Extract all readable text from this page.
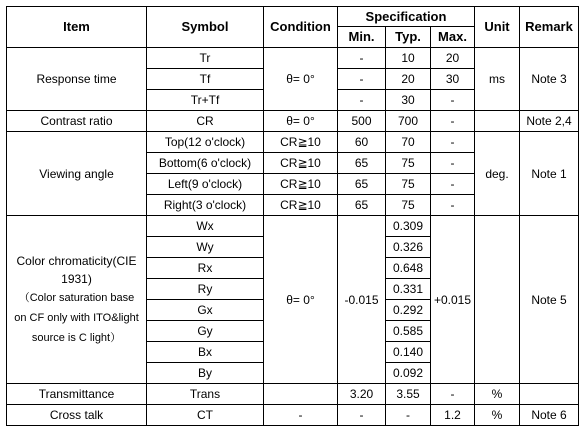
Item	Symbol	Condition	Specification			Unit	Remark
			Min.	Typ.	Max.		
Response time	Tr	θ= 0°	-	10	20	ms	Note 3
	Tf		-	20	30		
	Tr+Tf		-	30	-		
Contrast ratio	CR	θ= 0°	500	700	-		Note 2,4
Viewing angle	Top(12 o'clock)	CR≧10	60	70	-	deg.	Note 1
	Bottom(6 o'clock)	CR≧10	65	75	-		
	Left(9 o'clock)	CR≧10	65	75	-		
	Right(3 o'clock)	CR≧10	65	75	-		

Color chromaticity(CIE
1931)
（Color saturation base
on CF only with ITO&light
source is C light）	Wx	θ= 0°	-0.015	0.309	+0.015		Note 5
	Wy			0.326			
	Rx			0.648			
	Ry			0.331			
	Gx			0.292			
	Gy			0.585			
	Bx			0.140			
	By			0.092			
Transmittance	Trans		3.20	3.55	-	%	
Cross talk	CT	-	-	-	1.2	%	Note 6
